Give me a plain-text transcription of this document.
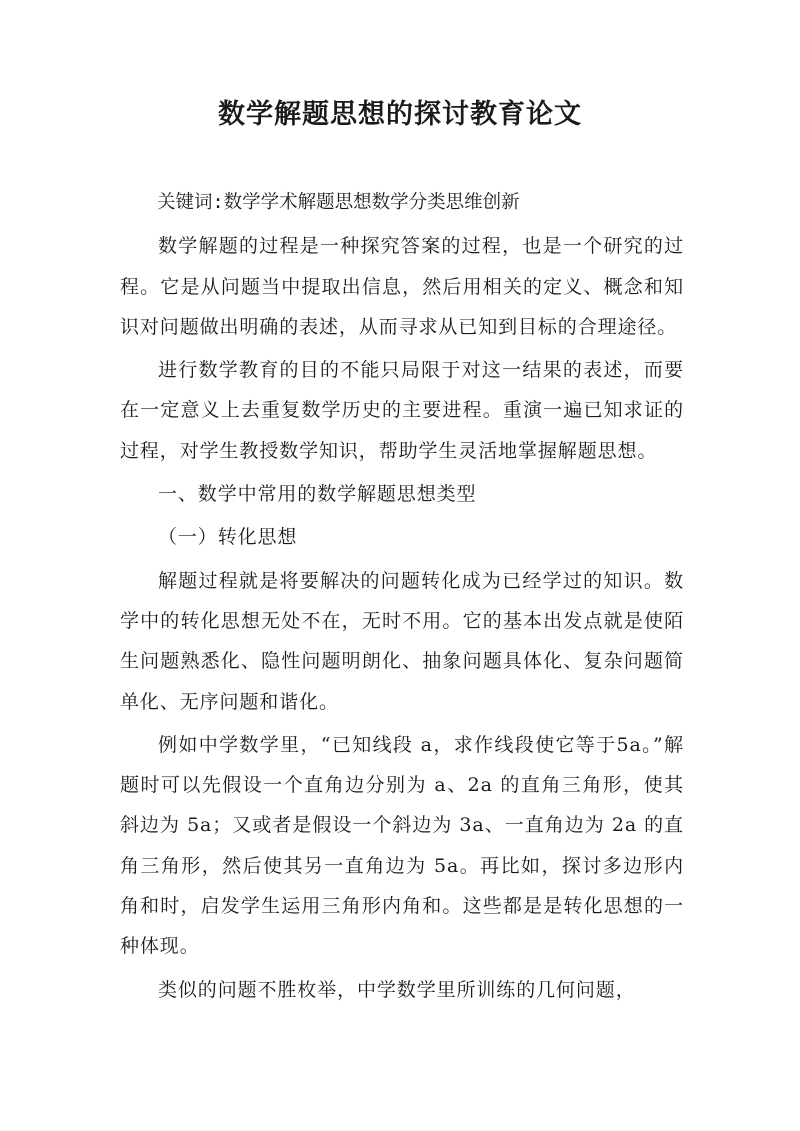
数学解题思想的探讨教育论文

关键词:数学学术解题思想数学分类思维创新

数学解题的过程是一种探究答案的过程，也是一个研究的过程。它是从问题当中提取出信息，然后用相关的定义、概念和知识对问题做出明确的表述，从而寻求从已知到目标的合理途径。

进行数学教育的目的不能只局限于对这一结果的表述，而要在一定意义上去重复数学历史的主要进程。重演一遍已知求证的过程，对学生教授数学知识，帮助学生灵活地掌握解题思想。

一、数学中常用的数学解题思想类型

（一）转化思想

解题过程就是将要解决的问题转化成为已经学过的知识。数学中的转化思想无处不在，无时不用。它的基本出发点就是使陌生问题熟悉化、隐性问题明朗化、抽象问题具体化、复杂问题简单化、无序问题和谐化。

例如中学数学里，“已知线段 a，求作线段使它等于5a。”解题时可以先假设一个直角边分别为 a、2a 的直角三角形，使其斜边为 5a；又或者是假设一个斜边为 3a、一直角边为 2a 的直角三角形，然后使其另一直角边为 5a。再比如，探讨多边形内角和时，启发学生运用三角形内角和。这些都是是转化思想的一种体现。

类似的问题不胜枚举，中学数学里所训练的几何问题，
